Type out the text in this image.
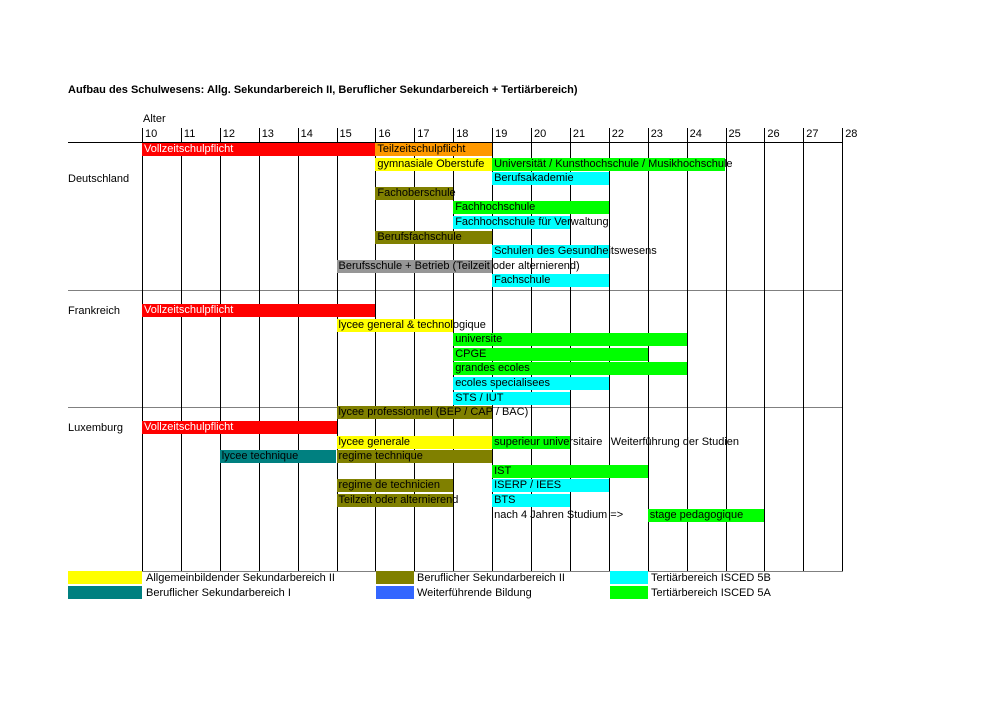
Aufbau des Schulwesens: Allg. Sekundarbereich II, Beruflicher Sekundarbereich + Tertiärbereich)
Alter
10 11 12 13 14 15 16 17 18 19 20 21 22 23 24 25 26 27 28
Deutschland
Vollzeitschulpflicht	Teilzeitschulpflicht
gymnasiale Oberstufe Universität / Kunsthochschule / Musikhochschule
Berufsakademie
Fachoberschule
Fachhochschule
Fachhochschule für Verwaltung
Berufsfachschule
Schulen des Gesundheitswesens
Berufsschule + Betrieb (Teilzeit oder alternierend)
Fachschule
Frankreich Vollzeitschulpflicht
lycee general & technologique
universite
CPGE
grandes ecoles
ecoles specialisees
STS / IUT
lycee professionnel (BEP / CAP / BAC)
Luxemburg Vollzeitschulpflicht
lycee generale	superieur universitaire Weiterführung der Studien
lycee technique	regime technique
IST
regime de technicien	ISERP / IEES
Teilzeit oder alternierend	BTS
nach 4 Jahren Studium => stage pedagogique
Allgemeinbildender Sekundarbereich II
Beruflicher Sekundarbereich I
Beruflicher Sekundarbereich II
Weiterführende Bildung
Tertiärbereich ISCED 5B
Tertiärbereich ISCED 5A
